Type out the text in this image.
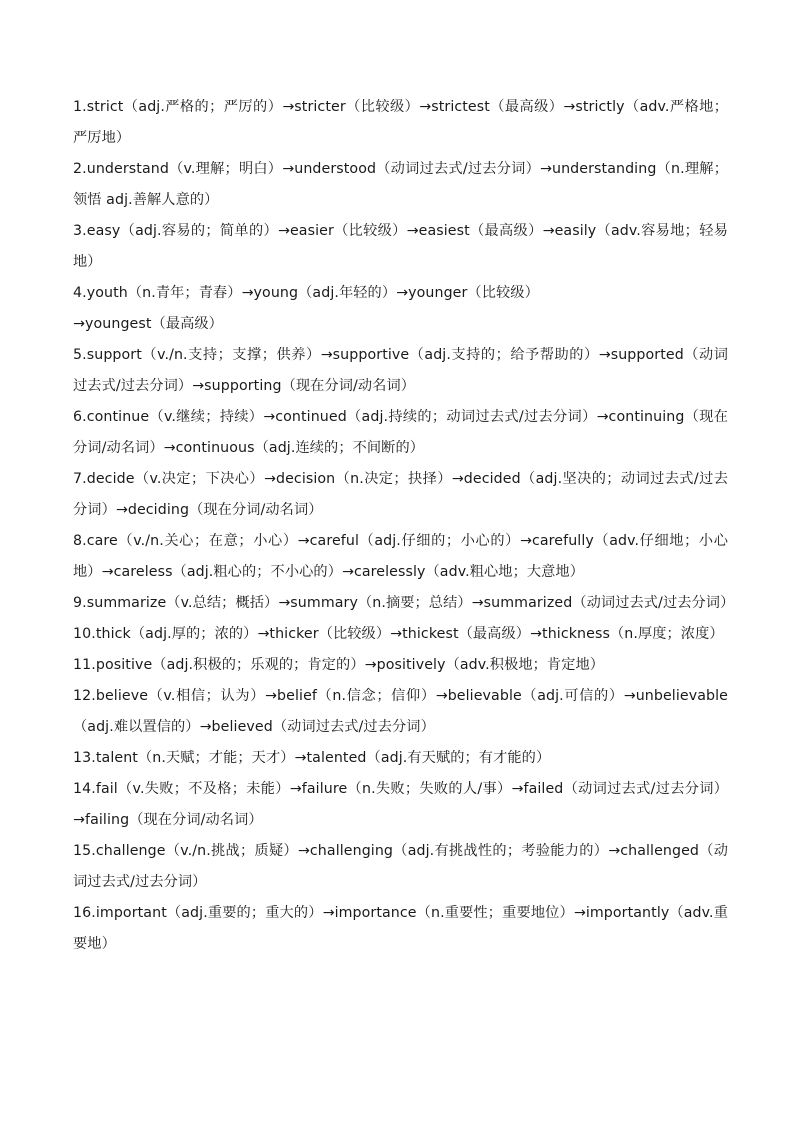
1.strict（adj.严格的；严厉的）→stricter（比较级）→strictest（最高级）→strictly（adv.严格地；严厉地）

2.understand（v.理解；明白）→understood（动词过去式/过去分词）→understanding（n.理解；领悟 adj.善解人意的）

3.easy（adj.容易的；简单的）→easier（比较级）→easiest（最高级）→easily（adv.容易地；轻易地）

4.youth（n.青年；青春）→young（adj.年轻的）→younger（比较级）

→youngest（最高级）

5.support（v./n.支持；支撑；供养）→supportive（adj.支持的；给予帮助的）→supported（动词过去式/过去分词）→supporting（现在分词/动名词）

6.continue（v.继续；持续）→continued（adj.持续的；动词过去式/过去分词）→continuing（现在分词/动名词）→continuous（adj.连续的；不间断的）

7.decide（v.决定；下决心）→decision（n.决定；抉择）→decided（adj.坚决的；动词过去式/过去分词）→deciding（现在分词/动名词）

8.care（v./n.关心；在意；小心）→careful（adj.仔细的；小心的）→carefully（adv.仔细地；小心地）→careless（adj.粗心的；不小心的）→carelessly（adv.粗心地；大意地）

9.summarize（v.总结；概括）→summary（n.摘要；总结）→summarized（动词过去式/过去分词）

10.thick（adj.厚的；浓的）→thicker（比较级）→thickest（最高级）→thickness（n.厚度；浓度）

11.positive（adj.积极的；乐观的；肯定的）→positively（adv.积极地；肯定地）

12.believe（v.相信；认为）→belief（n.信念；信仰）→believable（adj.可信的）→unbelievable（adj.难以置信的）→believed（动词过去式/过去分词）

13.talent（n.天赋；才能；天才）→talented（adj.有天赋的；有才能的）

14.fail（v.失败；不及格；未能）→failure（n.失败；失败的人/事）→failed（动词过去式/过去分词）→failing（现在分词/动名词）

15.challenge（v./n.挑战；质疑）→challenging（adj.有挑战性的；考验能力的）→challenged（动词过去式/过去分词）

16.important（adj.重要的；重大的）→importance（n.重要性；重要地位）→importantly（adv.重要地）
